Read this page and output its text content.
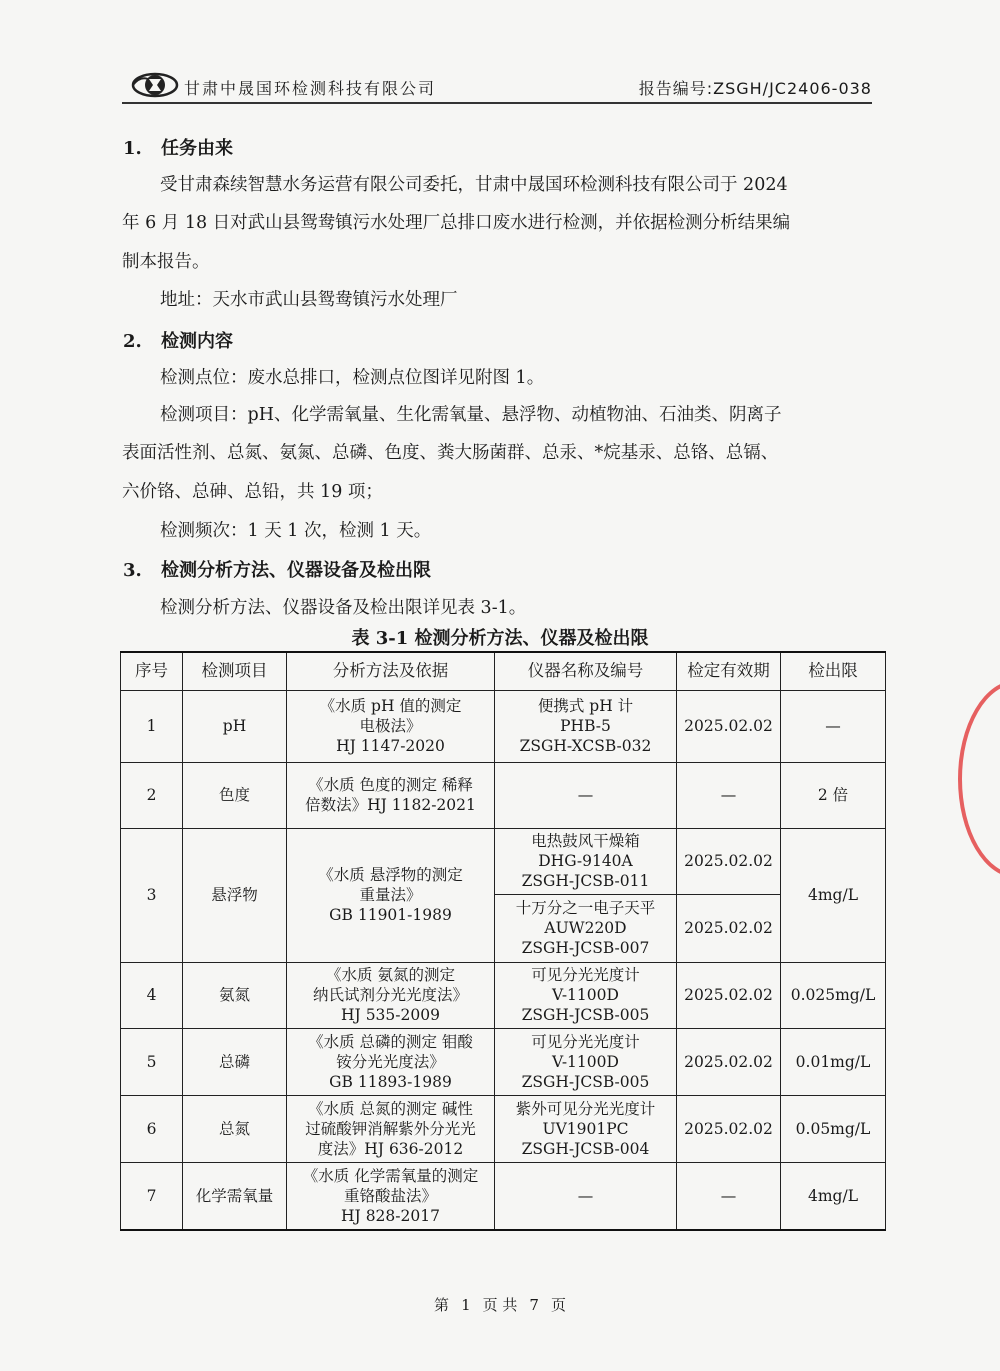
甘肃中晟国环检测科技有限公司	报告编号:ZSGH/JC2406-038
1. 任务由来
受甘肃森续智慧水务运营有限公司委托，甘肃中晟国环检测科技有限公司于 2024
年 6 月 18 日对武山县鸳鸯镇污水处理厂总排口废水进行检测，并依据检测分析结果编
制本报告。
地址：天水市武山县鸳鸯镇污水处理厂
2. 检测内容
检测点位：废水总排口，检测点位图详见附图 1。
检测项目：pH、化学需氧量、生化需氧量、悬浮物、动植物油、石油类、阴离子
表面活性剂、总氮、氨氮、总磷、色度、粪大肠菌群、总汞、*烷基汞、总铬、总镉、
六价铬、总砷、总铅，共 19 项；
检测频次：1 天 1 次，检测 1 天。
3. 检测分析方法、仪器设备及检出限
检测分析方法、仪器设备及检出限详见表 3-1。
表 3-1 检测分析方法、仪器及检出限
序号	检测项目	分析方法及依据	仪器名称及编号	检定有效期	检出限
1	pH	《水质 pH 值的测定
电极法》
HJ 1147-2020	便携式 pH 计
PHB-5
ZSGH-XCSB-032	2025.02.02	—
2	色度	《水质 色度的测定 稀释
倍数法》HJ 1182-2021	—	—	2 倍
3	悬浮物	《水质 悬浮物的测定
重量法》
GB 11901-1989	电热鼓风干燥箱
DHG-9140A
ZSGH-JCSB-011	2025.02.02	4mg/L

			十万分之一电子天平
AUW220D
ZSGH-JCSB-007	2025.02.02	
4	氨氮	《水质 氨氮的测定
纳氏试剂分光光度法》
HJ 535-2009	可见分光光度计
V-1100D
ZSGH-JCSB-005	2025.02.02	0.025mg/L
5	总磷	《水质 总磷的测定 钼酸
铵分光光度法》
GB 11893-1989	可见分光光度计
V-1100D
ZSGH-JCSB-005	2025.02.02	0.01mg/L
6	总氮	《水质 总氮的测定 碱性
过硫酸钾消解紫外分光光
度法》HJ 636-2012	紫外可见分光光度计
UV1901PC
ZSGH-JCSB-004	2025.02.02	0.05mg/L
7	化学需氧量	《水质 化学需氧量的测定
重铬酸盐法》
HJ 828-2017	—	—	4mg/L
第 1 页 共 7 页
